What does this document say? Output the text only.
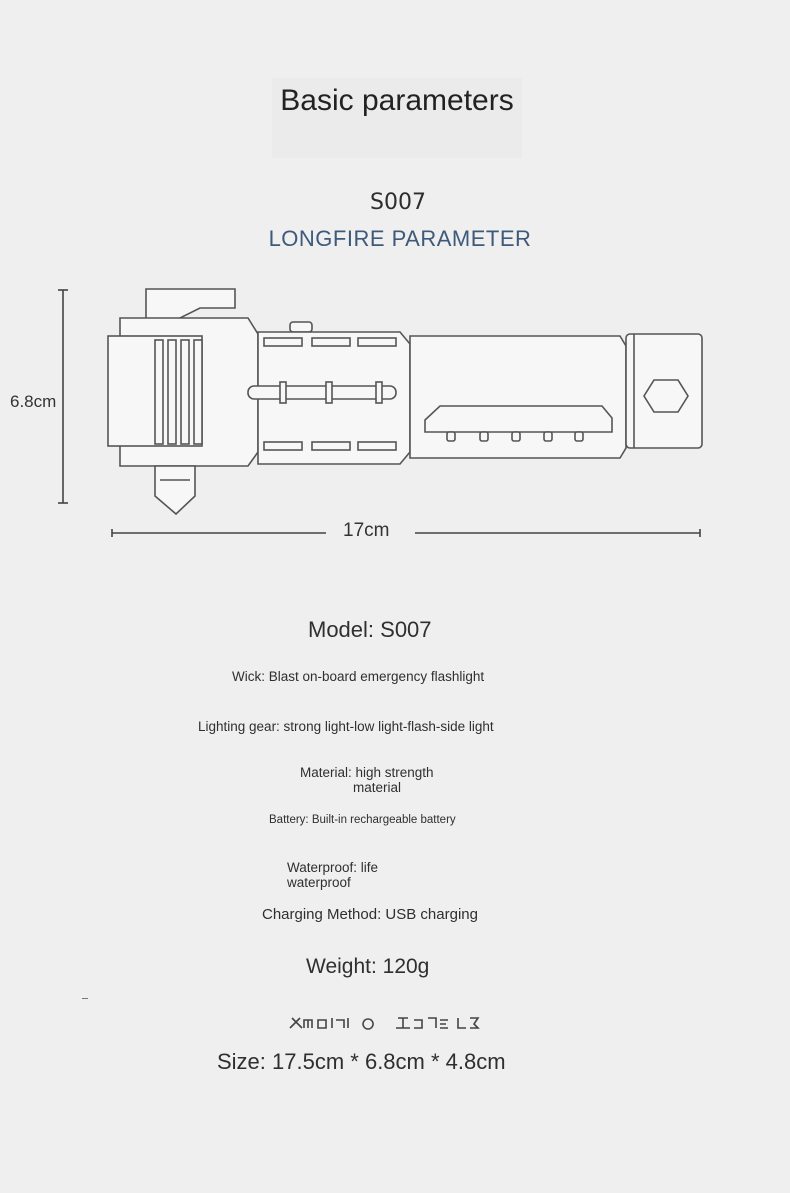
Basic parameters
S007
LONGFIRE PARAMETER
6.8cm
17cm
Model: S007
Wick: Blast on-board emergency flashlight
Lighting gear: strong light-low light-flash-side light
Material: high strength
material
Battery: Built-in rechargeable battery
Waterproof: life waterproof
Charging Method: USB charging
Weight: 120g
Size: 17.5cm * 6.8cm * 4.8cm
